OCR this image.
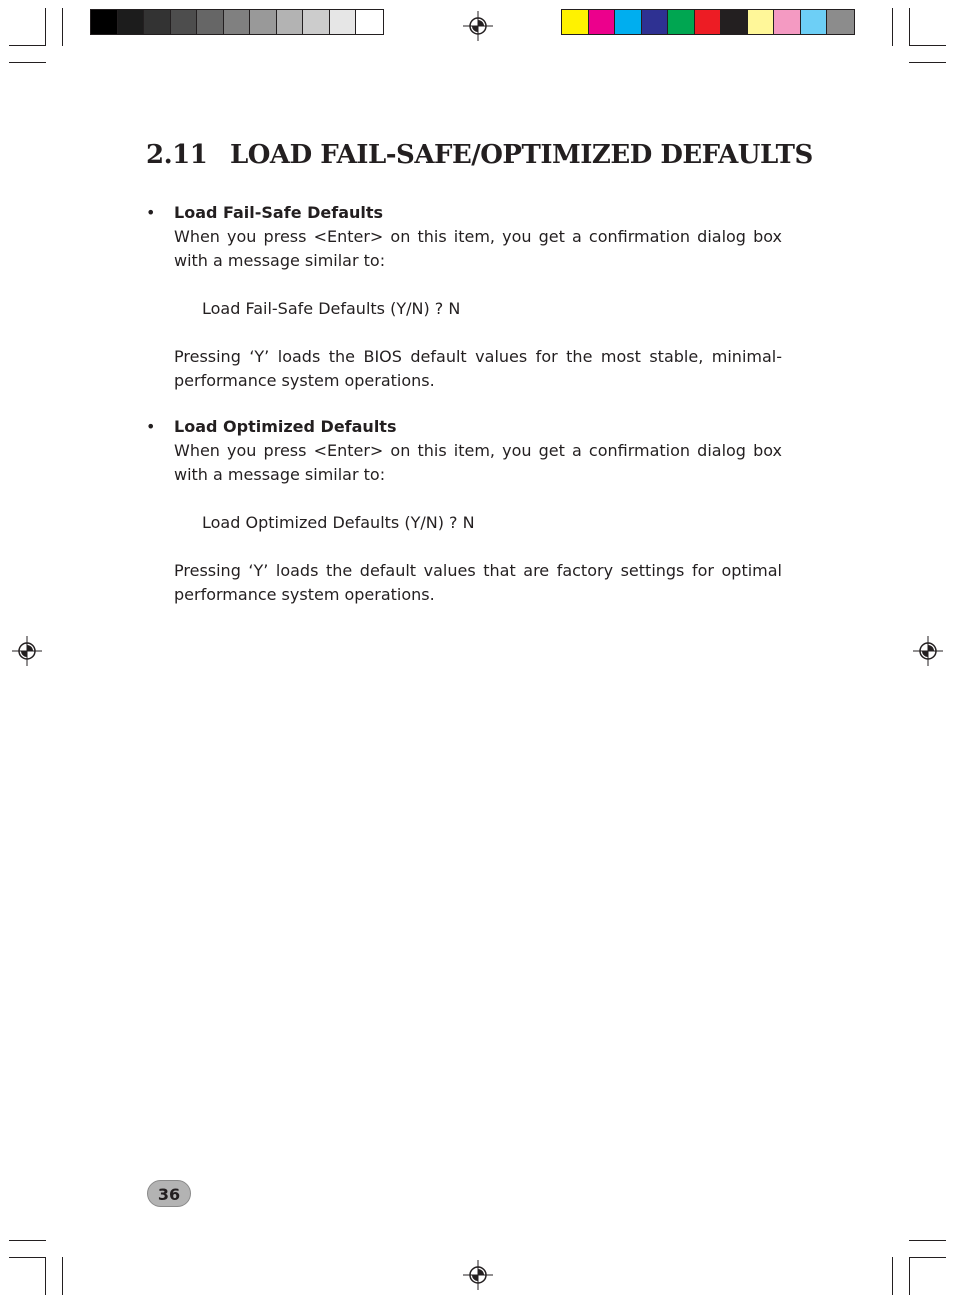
2.11 LOAD FAIL-SAFE/OPTIMIZED DEFAULTS
• Load Fail-Safe Defaults

When you press <Enter> on this item, you get a confirmation dialog box with a message similar to:

Load Fail-Safe Defaults (Y/N) ? N

Pressing ‘Y’ loads the BIOS default values for the most stable, minimal-performance system operations.

• Load Optimized Defaults

When you press <Enter> on this item, you get a confirmation dialog box with a message similar to:

Load Optimized Defaults (Y/N) ? N

Pressing ‘Y’ loads the default values that are factory settings for optimal performance system operations.

36
